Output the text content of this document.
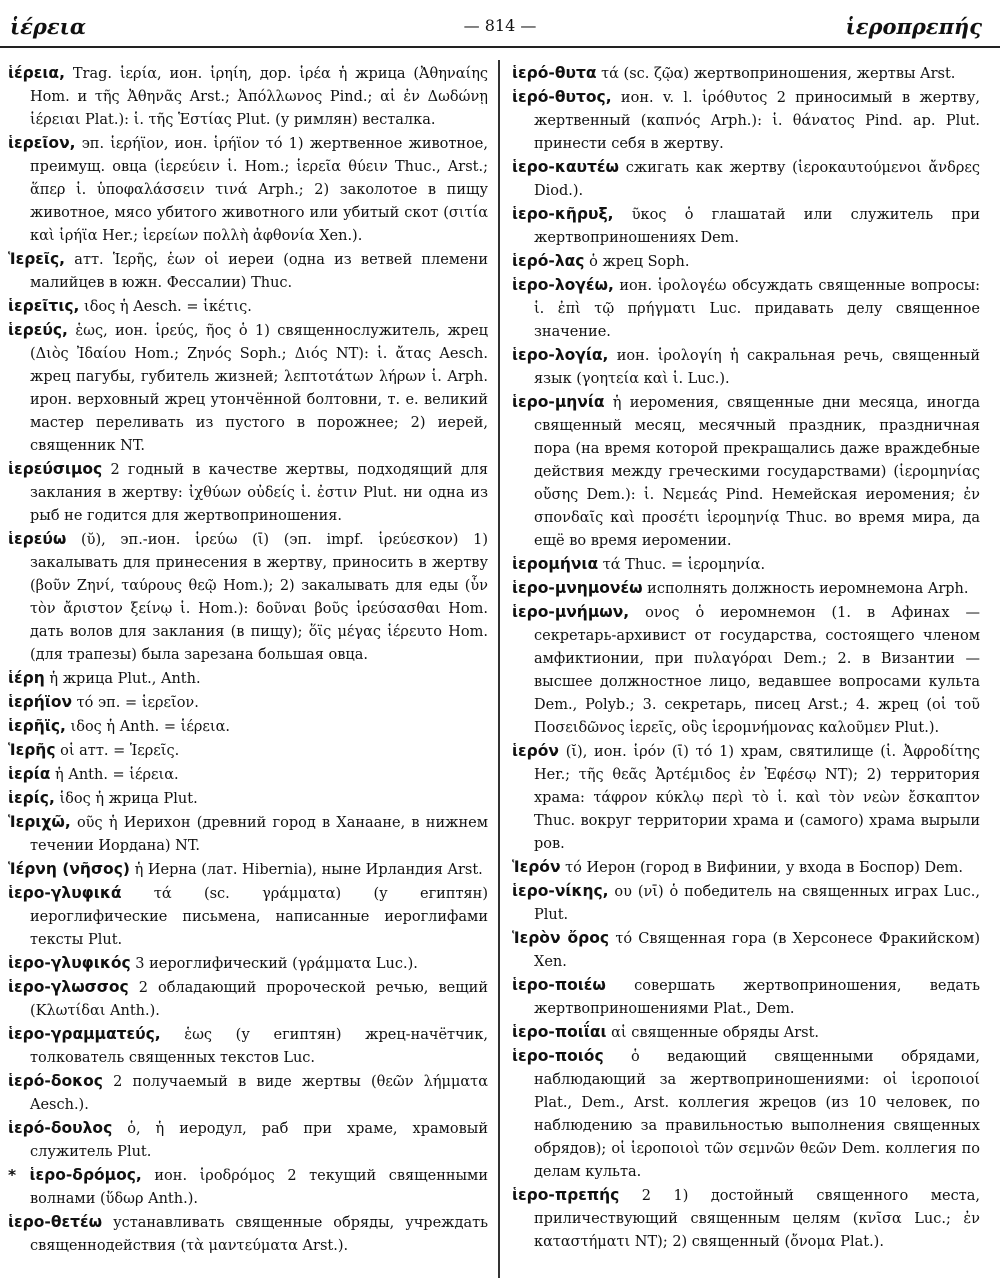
ἱέρεια	— 814 —	ἱεροπρεπής

ἱέρεια, Trag. ἱερία, ион. ἱρηίη, дор. ἱρέα ἡ жрица (Ἀθηναίης Hom. и τῆς Ἀθηνᾶς Arst.; Ἀπόλλωνος Pind.; αἱ ἐν Δωδώνῃ ἱέρειαι Plat.): ἱ. τῆς Ἑστίας Plut. (у римлян) весталка.

ἱερεῖον, эп. ἱερήϊον, ион. ἱρήϊον τό 1) жертвенное животное, преимущ. овца (ἱερεύειν ἱ. Hom.; ἱερεῖα θύειν Thuc., Arst.; ἅπερ ἱ. ὑποφαλάσσειν τινά Arph.; 2) заколотое в пищу животное, мясо убитого животного или убитый скот (σιτία καὶ ἱρήϊα Her.; ἱερείων πολλὴ ἀφθονία Xen.).

Ἱερεῖς, атт. Ἱερῆς, ἑων οἱ иереи (одна из ветвей племени малийцев в южн. Фессалии) Thuc.

ἱερεῖτις, ιδος ἡ Aesch. = ἱκέτις.

ἱερεύς, ἑως, ион. ἱρεύς, ῆος ὁ 1) священнослужитель, жрец (Διὸς Ἰδαίου Hom.; Ζηνός Soph.; Διός NT): ἱ. ἄτας Aesch. жрец пагубы, губитель жизней; λεπτοτάτων λήρων ἱ. Arph. ирон. верховный жрец утончённой болтовни, т. е. великий мастер переливать из пустого в порожнее; 2) иерей, священник NT.

ἱερεύσιμος 2 годный в качестве жертвы, подходящий для заклания в жертву: ἰχθύων οὐδείς ἱ. ἐστιν Plut. ни одна из рыб не годится для жертвоприношения.

ἱερεύω (ῠ), эп.-ион. ἱρεύω (ῑ) (эп. impf. ἱρεύεσκον) 1) закалывать для принесения в жертву, приносить в жертву (βοῦν Ζηνί, ταύρους θεῷ Hom.); 2) закалывать для еды (ὗν τὸν ἄριστον ξείνῳ ἱ. Hom.): δοῦναι βοῦς ἱρεύσασθαι Hom. дать волов для заклания (в пищу); ὅϊς μέγας ἱέρευτο Hom. (для трапезы) была зарезана большая овца.

ἱέρη ἡ жрица Plut., Anth.

ἱερήϊον τό эп. = ἱερεῖον.

ἱερῆϊς, ιδος ἡ Anth. = ἱέρεια.

Ἱερῆς οἱ атт. = Ἱερεῖς.

ἱερία ἡ Anth. = ἱέρεια.

ἱερίς, ἱδος ἡ жрица Plut.

Ἱεριχῶ, οῦς ἡ Иерихон (древний город в Ханаане, в нижнем течении Иордана) NT.

Ἱέρνη (νῆσος) ἡ Иерна (лат. Hibernia), ныне Ирландия Arst.

ἱερο-γλυφικά τά (sc. γράμματα) (у египтян) иероглифические письмена, написанные иероглифами тексты Plut.

ἱερο-γλυφικός 3 иероглифический (γράμματα Luc.).

ἱερο-γλωσσος 2 обладающий пророческой речью, вещий (Κλωτίδαι Anth.).

ἱερο-γραμματεύς, ἑως (у египтян) жрец-начётчик, толкователь священных текстов Luc.

ἱερό-δοκος 2 получаемый в виде жертвы (θεῶν λήμματα Aesch.).

ἱερό-δουλος ὁ, ἡ иеродул, раб при храме, храмовый служитель Plut.

* ἱερο-δρόμος, ион. ἱροδρόμος 2 текущий священными волнами (ὕδωρ Anth.).

ἱερο-θετέω устанавливать священные обряды, учреждать священнодействия (τὰ μαντεύματα Arst.).

ἱερό-θυτα τά (sc. ζῷα) жертвоприношения, жертвы Arst.

ἱερό-θυτος, ион. v. l. ἱρόθυτος 2 приносимый в жертву, жертвенный (καπνός Arph.): ἱ. θάνατος Pind. ap. Plut. принести себя в жертву.

ἱερο-καυτέω сжигать как жертву (ἱεροκαυτούμενοι ἄνδρες Diod.).

ἱερο-κῆρυξ, ῦκος ὁ глашатай или служитель при жертвоприношениях Dem.

ἱερό-λας ὁ жрец Soph.

ἱερο-λογέω, ион. ἱρολογέω обсуждать священные вопросы: ἱ. ἐπὶ τῷ πρήγματι Luc. придавать делу священное значение.

ἱερο-λογία, ион. ἱρολογίη ἡ сакральная речь, священный язык (γοητεία καὶ ἱ. Luc.).

ἱερο-μηνία ἡ иеромения, священные дни месяца, иногда священный месяц, месячный праздник, праздничная пора (на время которой прекращались даже враждебные действия между греческими государствами) (ἱερομηνίας οὔσης Dem.): ἱ. Νεμεάς Pind. Немейская иеромения; ἐν σπονδαῖς καὶ προσέτι ἱερομηνίᾳ Thuc. во время мира, да ещё во время иеромении.

ἱερομήνια τά Thuc. = ἱερομηνία.

ἱερο-μνημονέω исполнять должность иеромнемона Arph.

ἱερο-μνήμων, ονος ὁ иеромнемон (1. в Афинах — секретарь-архивист от государства, состоящего членом амфиктионии, при πυλαγόραι Dem.; 2. в Византии — высшее должностное лицо, ведавшее вопросами культа Dem., Polyb.; 3. секретарь, писец Arst.; 4. жрец (οἱ τοῦ Ποσειδῶνος ἱερεῖς, οὓς ἱερομνήμονας καλοῦμεν Plut.).

ἱερόν (ῐ), ион. ἱρόν (ῑ) τό 1) храм, святилище (ἱ. Ἀφροδίτης Her.; τῆς θεᾶς Ἀρτέμιδος ἐν Ἐφέσῳ NT); 2) территория храма: τάφρον κύκλῳ περὶ τὸ ἱ. καὶ τὸν νεὼν ἔσκαπτον Thuc. вокруг территории храма и (самого) храма вырыли ров.

Ἱερόν τό Иерон (город в Вифинии, у входа в Боспор) Dem.

ἱερο-νίκης, ου (νῑ) ὁ победитель на священных играх Luc., Plut.

Ἱερὸν ὄρος τό Священная гора (в Херсонесе Фракийском) Xen.

ἱερο-ποιέω совершать жертвоприношения, ведать жертвоприношениями Plat., Dem.

ἱερο-ποιΐαι αἱ священные обряды Arst.

ἱερο-ποιός ὁ ведающий священными обрядами, наблюдающий за жертвоприношениями: οἱ ἱεροποιοί Plat., Dem., Arst. коллегия жрецов (из 10 человек, по наблюдению за правильностью выполнения священных обрядов); οἱ ἱεροποιοὶ τῶν σεμνῶν θεῶν Dem. коллегия по делам культа.

ἱερο-πρεπής 2 1) достойный священного места, приличествующий священным целям (κνῖσα Luc.; ἐν καταστήματι NT); 2) священный (ὄνομα Plat.).
